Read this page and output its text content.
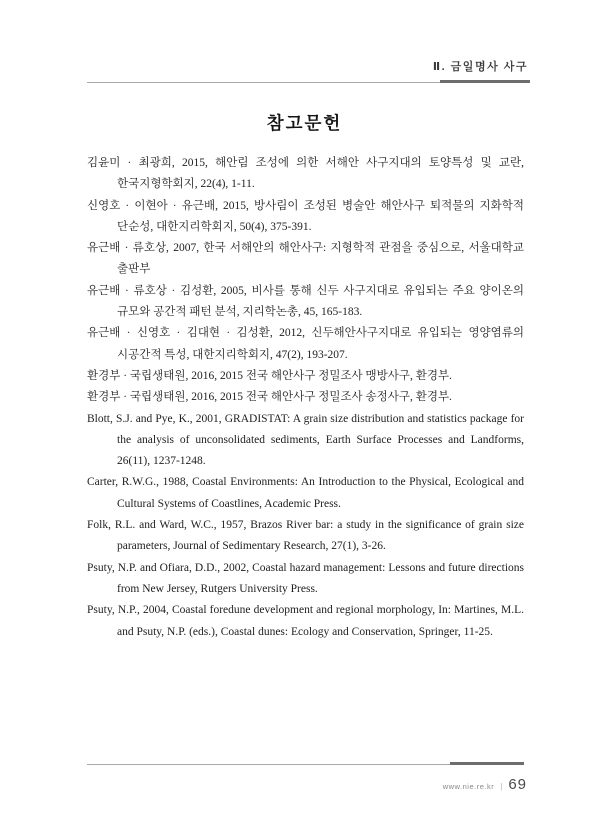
Ⅱ. 금일명사 사구
참고문헌

김윤미 · 최광희, 2015, 해안림 조성에 의한 서해안 사구지대의 토양특성 및 교란, 한국지형학회지, 22(4), 1-11.

신영호 · 이현아 · 유근배, 2015, 방사림이 조성된 병술안 해안사구 퇴적물의 지화학적 단순성, 대한지리학회지, 50(4), 375-391.

유근배 · 류호상, 2007, 한국 서해안의 해안사구: 지형학적 관점을 중심으로, 서울대학교 출판부

유근배 · 류호상 · 김성환, 2005, 비사를 통해 신두 사구지대로 유입되는 주요 양이온의 규모와 공간적 패턴 분석, 지리학논총, 45, 165-183.

유근배 · 신영호 · 김대현 · 김성환, 2012, 신두해안사구지대로 유입되는 영양염류의 시공간적 특성, 대한지리학회지, 47(2), 193-207.

환경부 · 국립생태원, 2016, 2015 전국 해안사구 정밀조사 맹방사구, 환경부.

환경부 · 국립생태원, 2016, 2015 전국 해안사구 정밀조사 송정사구, 환경부.

Blott, S.J. and Pye, K., 2001, GRADISTAT: A grain size distribution and statistics package for the analysis of unconsolidated sediments, Earth Surface Processes and Landforms, 26(11), 1237-1248.

Carter, R.W.G., 1988, Coastal Environments: An Introduction to the Physical, Ecological and Cultural Systems of Coastlines, Academic Press.

Folk, R.L. and Ward, W.C., 1957, Brazos River bar: a study in the significance of grain size parameters, Journal of Sedimentary Research, 27(1), 3-26.

Psuty, N.P. and Ofiara, D.D., 2002, Coastal hazard management: Lessons and future directions from New Jersey, Rutgers University Press.

Psuty, N.P., 2004, Coastal foredune development and regional morphology, In: Martines, M.L. and Psuty, N.P. (eds.), Coastal dunes: Ecology and Conservation, Springer, 11-25.

www.nie.re.kr | 69
